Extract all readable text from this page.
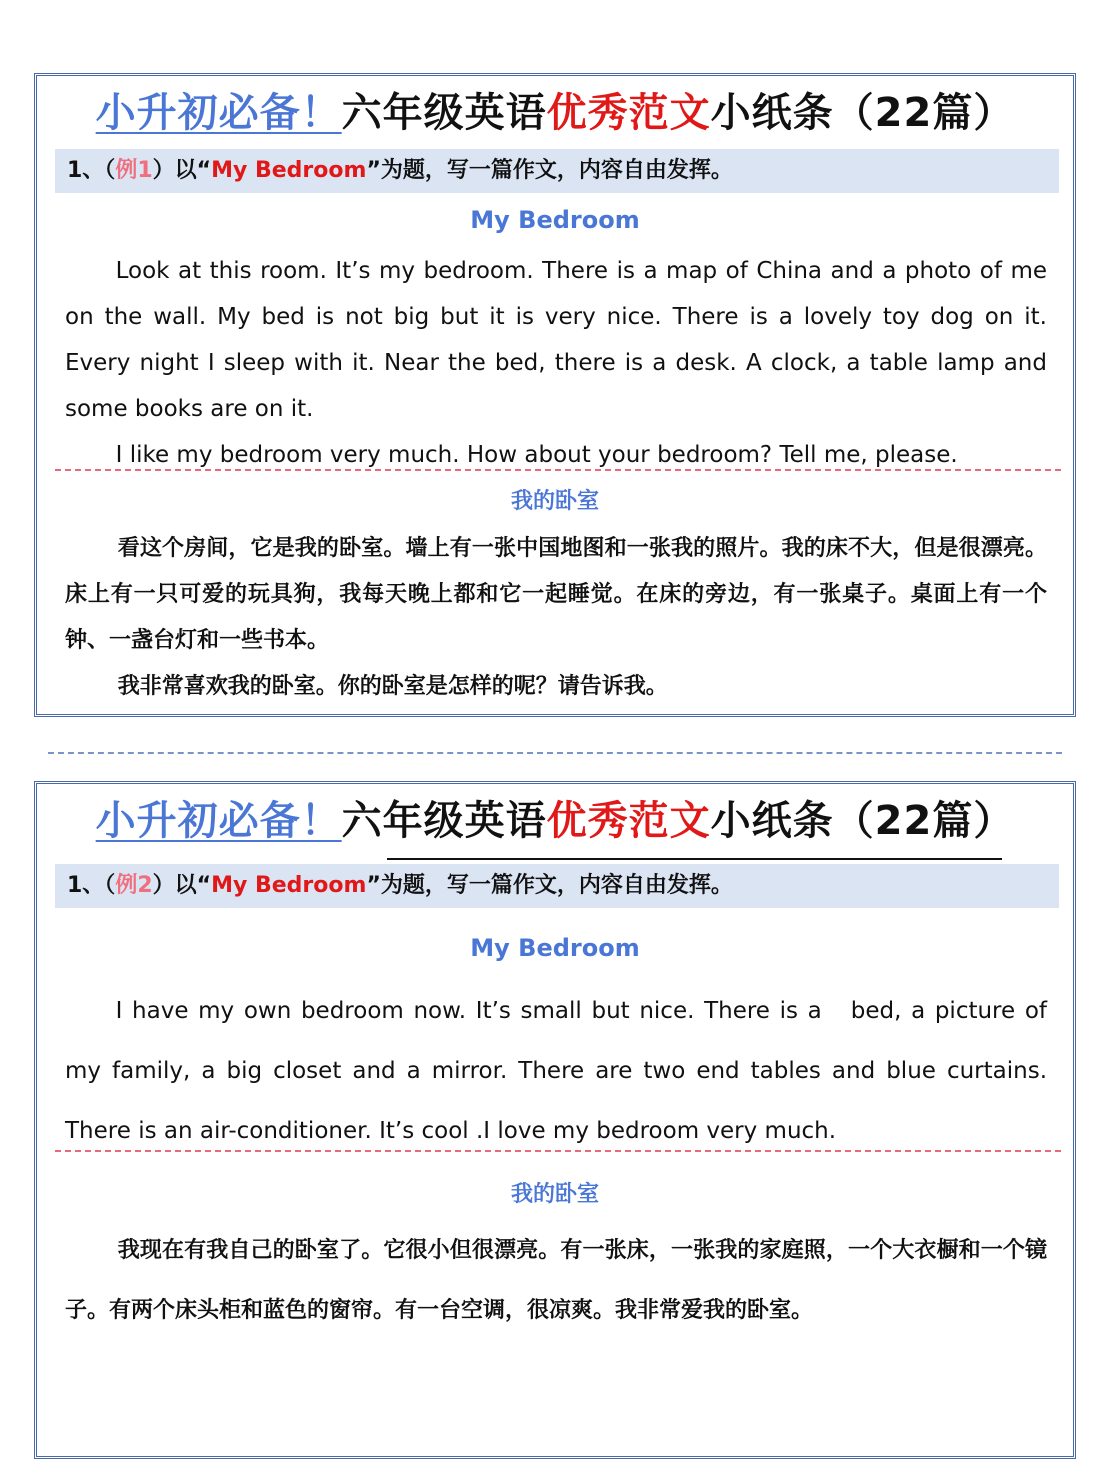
小升初必备！六年级英语优秀范文小纸条（22篇）
1、（例1）以“My Bedroom”为题，写一篇作文，内容自由发挥。
My Bedroom
Look at this room. It’s my bedroom. There is a map of China and a photo of me on the wall. My bed is not big but it is very nice. There is a lovely toy dog on it. Every night I sleep with it. Near the bed, there is a desk. A clock, a table lamp and some books are on it.
I like my bedroom very much. How about your bedroom? Tell me, please.
我的卧室
看这个房间，它是我的卧室。墙上有一张中国地图和一张我的照片。我的床不大，但是很漂亮。床上有一只可爱的玩具狗，我每天晚上都和它一起睡觉。在床的旁边，有一张桌子。桌面上有一个钟、一盏台灯和一些书本。
我非常喜欢我的卧室。你的卧室是怎样的呢？请告诉我。
小升初必备！六年级英语优秀范文小纸条（22篇）
1、（例2）以“My Bedroom”为题，写一篇作文，内容自由发挥。
My Bedroom
I have my own bedroom now. It’s small but nice. There is a   bed, a picture of my family, a big closet and a mirror. There are two end tables and blue curtains. There is an air-conditioner. It’s cool .I love my bedroom very much.
我的卧室
我现在有我自己的卧室了。它很小但很漂亮。有一张床，一张我的家庭照，一个大衣橱和一个镜子。有两个床头柜和蓝色的窗帘。有一台空调，很凉爽。我非常爱我的卧室。
